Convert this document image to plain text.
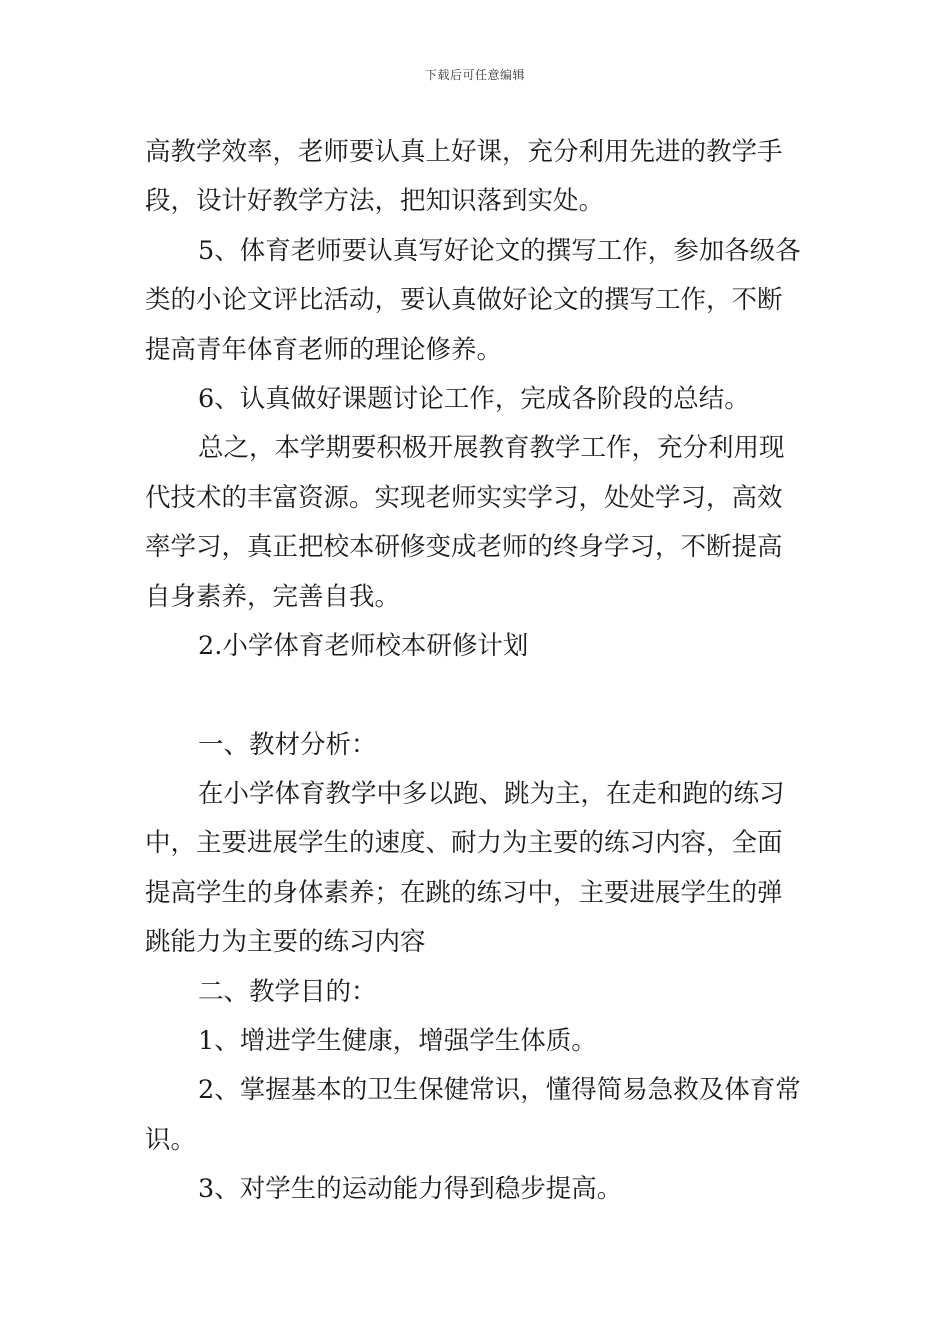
下载后可任意编辑
高教学效率，老师要认真上好课，充分利用先进的教学手
段，设计好教学方法，把知识落到实处。
5、体育老师要认真写好论文的撰写工作，参加各级各
类的小论文评比活动，要认真做好论文的撰写工作，不断
提高青年体育老师的理论修养。
6、认真做好课题讨论工作，完成各阶段的总结。
总之，本学期要积极开展教育教学工作，充分利用现
代技术的丰富资源。实现老师实实学习，处处学习，高效
率学习，真正把校本研修变成老师的终身学习，不断提高
自身素养，完善自我。
2.小学体育老师校本研修计划
一、教材分析：
在小学体育教学中多以跑、跳为主，在走和跑的练习
中，主要进展学生的速度、耐力为主要的练习内容，全面
提高学生的身体素养；在跳的练习中，主要进展学生的弹
跳能力为主要的练习内容
二、教学目的：
1、增进学生健康，增强学生体质。
2、掌握基本的卫生保健常识，懂得简易急救及体育常
识。
3、对学生的运动能力得到稳步提高。
